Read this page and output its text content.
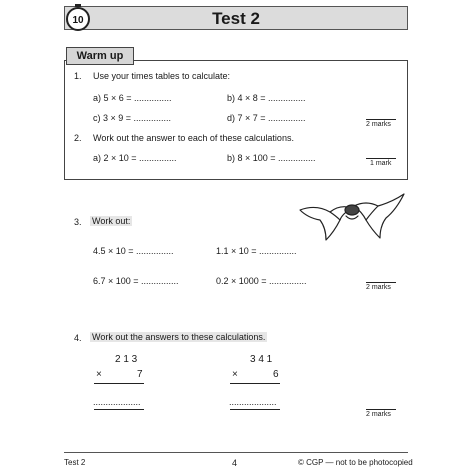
Test 2
10
Warm up
1. Use your times tables to calculate:
a) 5 × 6 = ...............	b) 4 × 8 = ...............
c) 3 × 9 = ...............	d) 7 × 7 = ...............
2 marks
2. Work out the answer to each of these calculations.
a) 2 × 10 = ...............	b) 8 × 100 = ...............
1 mark
3. Work out:
4.5 × 10 = ...............	1.1 × 10 = ...............
6.7 × 100 = ...............	0.2 × 1000 = ...............
2 marks
4. Work out the answers to these calculations.
2 1 3
×	7
...................
3 4 1
×	6
...................
2 marks
Test 2	4	© CGP — not to be photocopied
